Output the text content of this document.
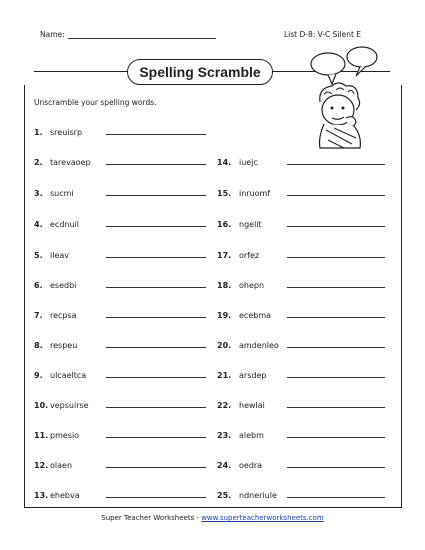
Name:	List D-8: V-C Silent E
Spelling Scramble
Unscramble your spelling words.
1. sreuisrp
2. tarevaoep
3. sucmi
4. ecdnuil
5. ileav
6. esedbi
7. recpsa
8. respeu
9. ulcaeltca
10. vepsuirse
11. pmesio
12. olaen
13. ehebva
14. iuejc
15. inruomf
16. ngelit
17. orfez
18. ohepn
19. ecebma
20. amdenleo
21. arsdep
22. hewlai
23. alebm
24. oedra
25. ndneriule
Super Teacher Worksheets - www.superteacherworksheets.com
